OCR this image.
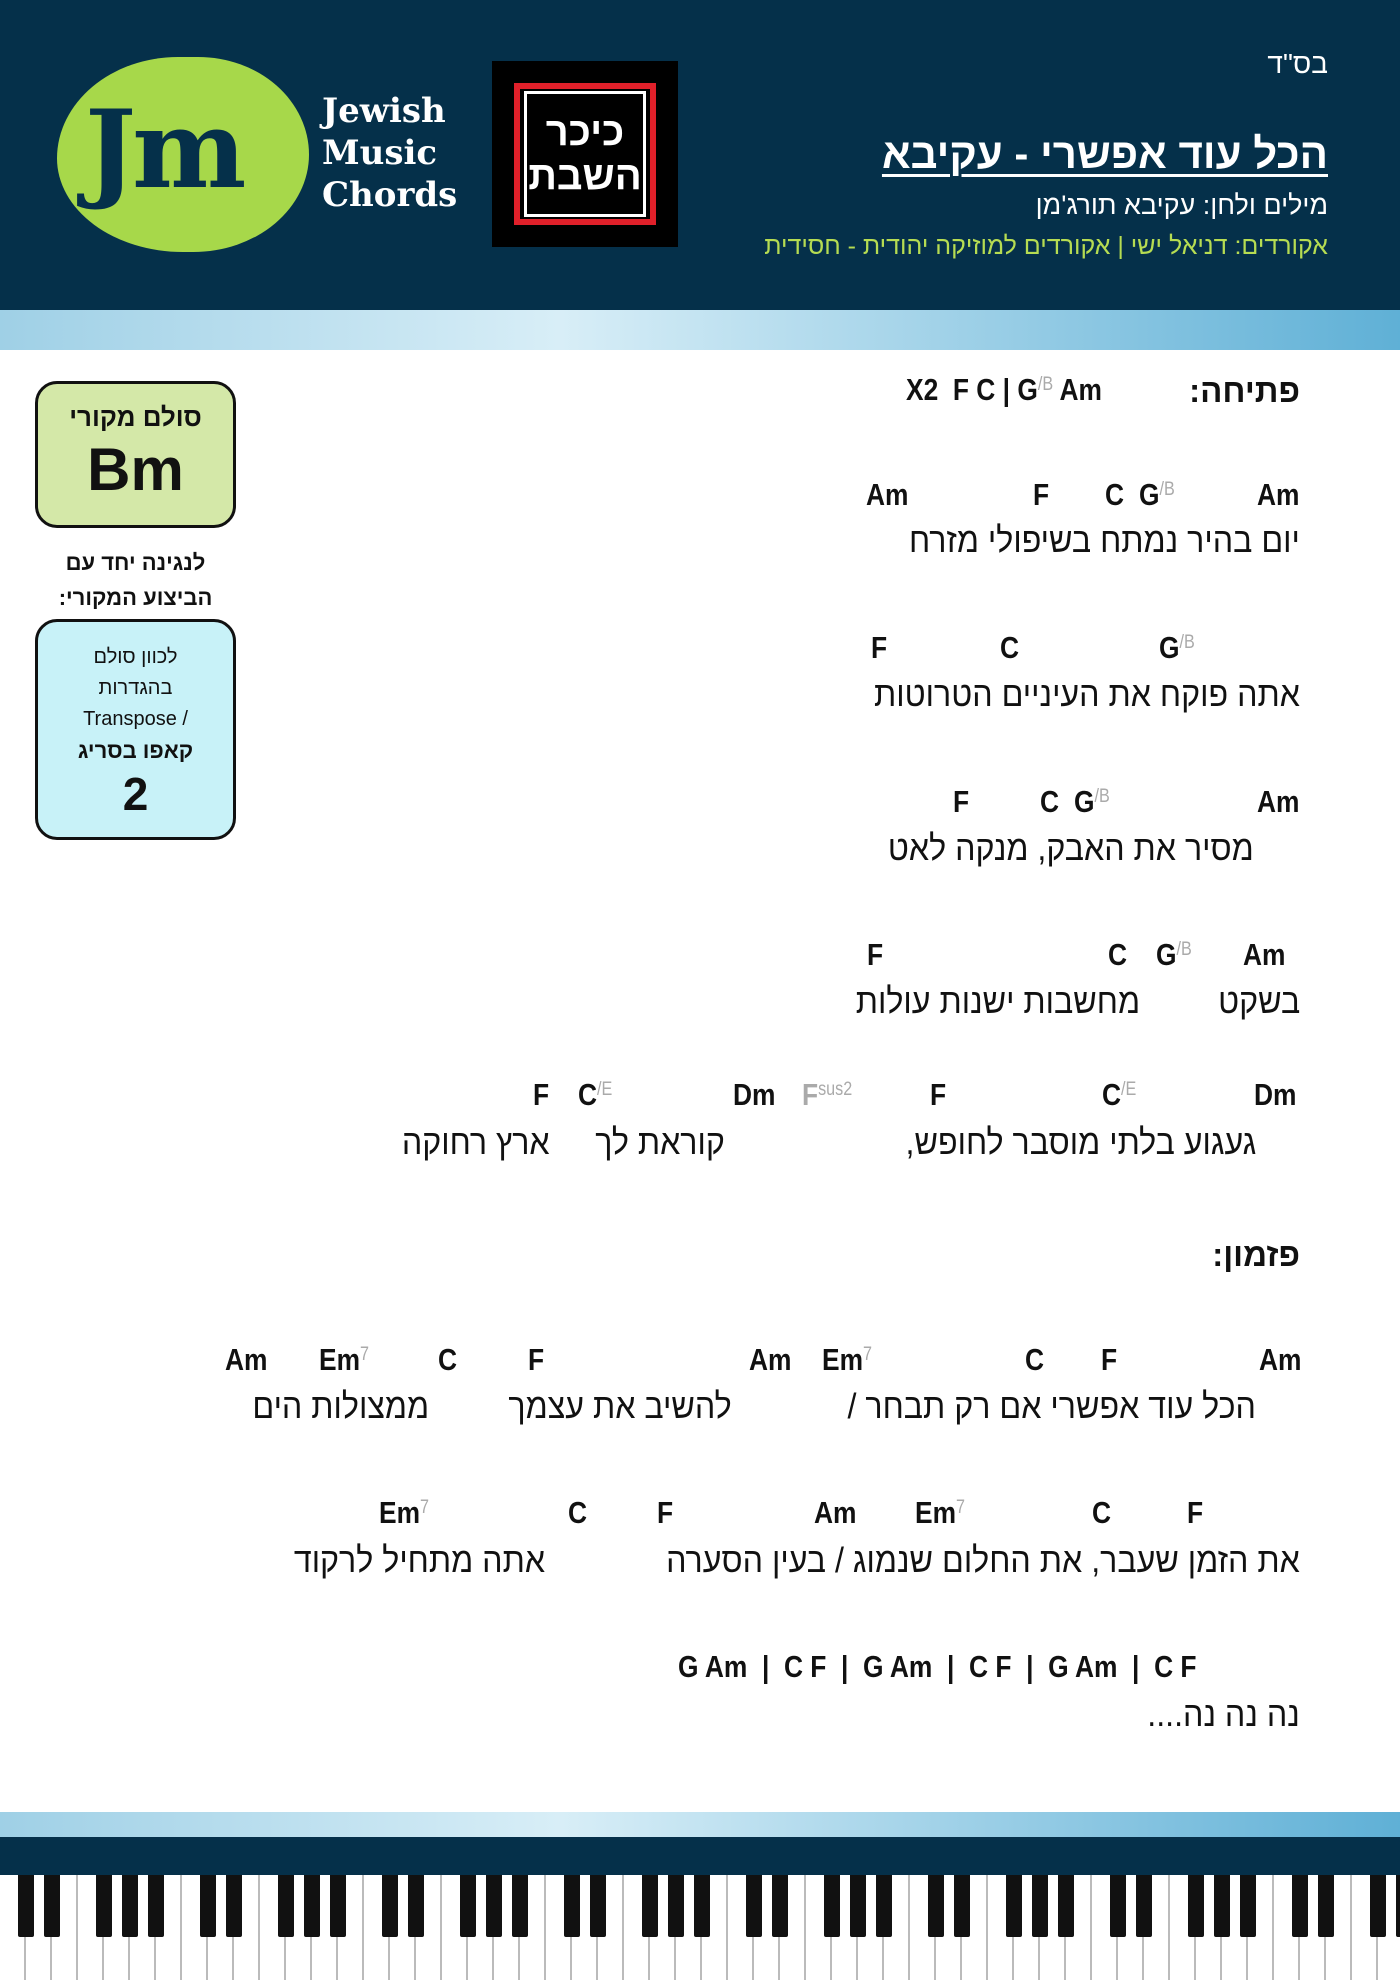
Jm Jewish
Music
Chords
כיכר
השבת
בס"ד
הכל עוד אפשרי - עקיבא
מילים ולחן: עקיבא תורג'מן
אקורדים: דניאל ישי | אקורדים למוזיקה יהודית - חסידית
סולם מקורי
Bm
לנגינה יחד עם
הביצוע המקורי:
לכוון סולם
בהגדרות
/ Transpose
קאפו בסריג
2
פתיחה:
X2 F C | $G^{/B}$ Am
Am	F C $G^{/B}$	Am
יום בהיר נמתח בשיפולי מזרח
F	C	$G^{/B}$
אתה פוקח את העיניים הטרוטות
F C $G^{/B}$	Am
מסיר את האבק, מנקה לאט
F	C $G^{/B}$ Am
בשקט
מחשבות ישנות עולות
F $C^{/E}$	Dm $F^{sus2}$	F	$C^{/E}$	Dm
געגוע בלתי מוסבר לחופש,
קוראת לך
ארץ רחוקה
פזמון:
Am Em$^7$ C F	Am Em$^7$	C F	Am
הכל עוד אפשרי אם רק תבחר /
להשיב את עצמך
ממצולות הים
Em$^7$	C F	Am Em$^7$	C F
את הזמן שעבר, את החלום שנמוג / בעין הסערה
אתה מתחיל לרקוד
G Am  |  C F  |  G Am  |  C F  |  G Am  |  C F
נה נה נה....
